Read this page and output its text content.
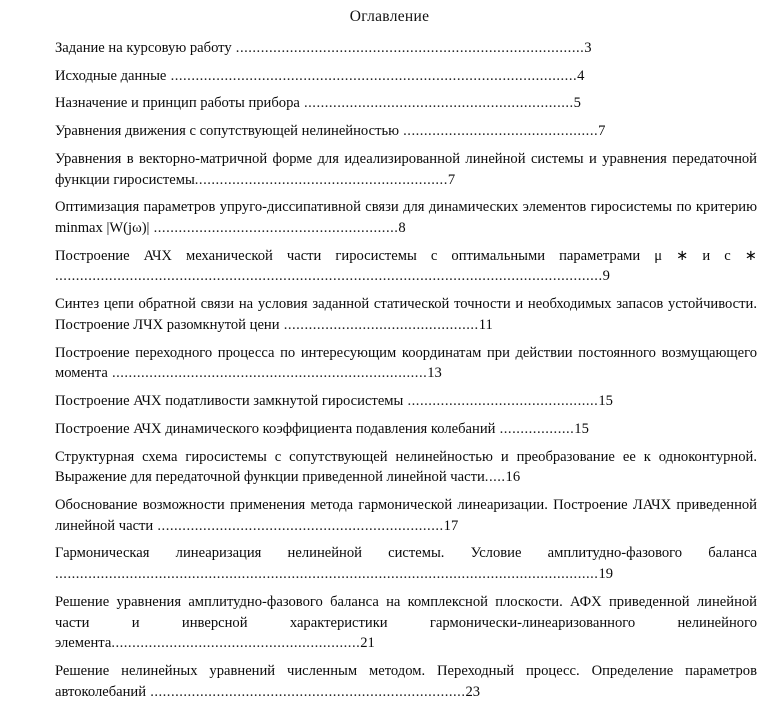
Оглавление
Задание на курсовую работу ....................................................................................3
Исходные данные ..................................................................................................4
Назначение и принцип работы прибора .................................................................5
Уравнения движения с сопутствующей нелинейностью ...............................................7
Уравнения в векторно-матричной форме для идеализированной линейной системы и уравнения передаточной функции гиросистемы.............................................................7
Оптимизация параметров упруго-диссипативной связи для динамических элементов гиросистемы по критерию minmax |W(jω)| ...........................................................8
Построение АЧХ механической части гиросистемы с оптимальными параметрами μ ∗ и c ∗ ....................................................................................................................................9
Синтез цепи обратной связи на условия заданной статической точности и необходимых запасов устойчивости. Построение ЛЧХ разомкнутой цени ...............................................11
Построение переходного процесса по интересующим координатам при действии постоянного возмущающего момента ............................................................................13
Построение АЧХ податливости замкнутой гиросистемы ..............................................15
Построение АЧХ динамического коэффициента подавления колебаний ..................15
Структурная схема гиросистемы с сопутствующей нелинейностью и преобразование ее к одноконтурной. Выражение для передаточной функции приведенной линейной части.....16
Обоснование возможности применения метода гармонической линеаризации. Построение ЛАЧХ приведенной линейной части .....................................................................17
Гармоническая линеаризация нелинейной системы. Условие амплитудно-фазового баланса ...................................................................................................................................19
Решение уравнения амплитудно-фазового баланса на комплексной плоскости. АФХ приведенной линейной части и инверсной характеристики гармонически-линеаризованного нелинейного элемента............................................................21
Решение нелинейных уравнений численным методом. Переходный процесс. Определение параметров автоколебаний ............................................................................23
